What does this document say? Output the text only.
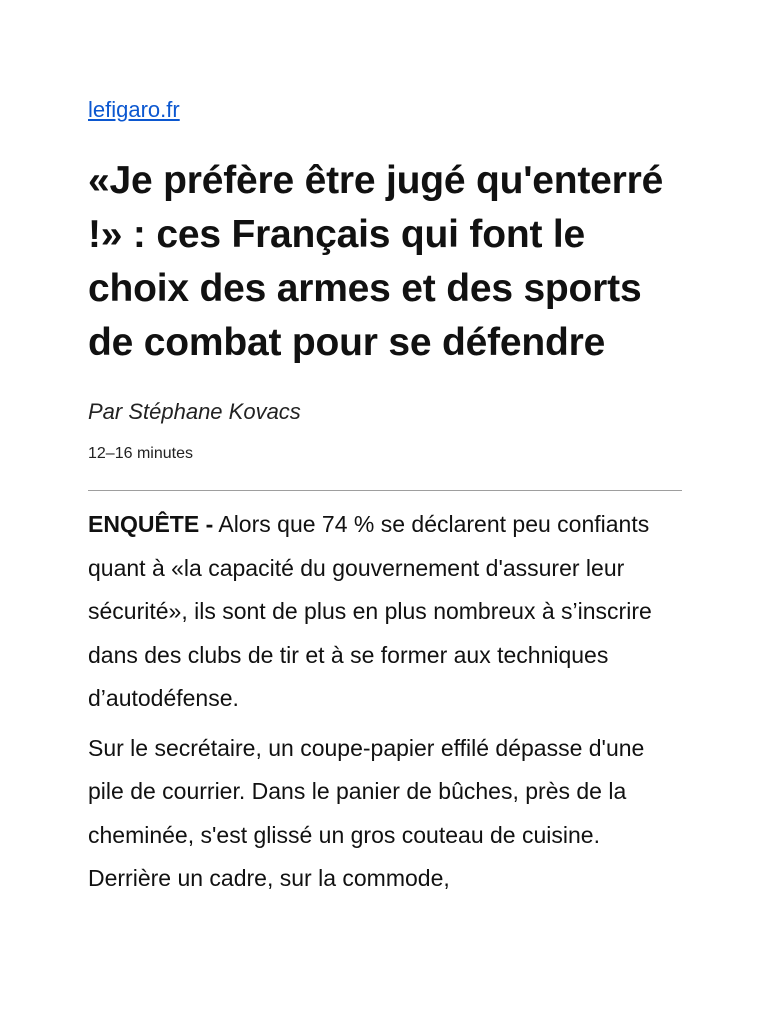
lefigaro.fr
«Je préfère être jugé qu'enterré !» : ces Français qui font le choix des armes et des sports de combat pour se défendre
Par Stéphane Kovacs
12–16 minutes

ENQUÊTE - Alors que 74 % se déclarent peu confiants quant à «la capacité du gouvernement d'assurer leur sécurité», ils sont de plus en plus nombreux à s’inscrire dans des clubs de tir et à se former aux techniques d’autodéfense.

Sur le secrétaire, un coupe-papier effilé dépasse d'une pile de courrier. Dans le panier de bûches, près de la cheminée, s'est glissé un gros couteau de cuisine. Derrière un cadre, sur la commode,
